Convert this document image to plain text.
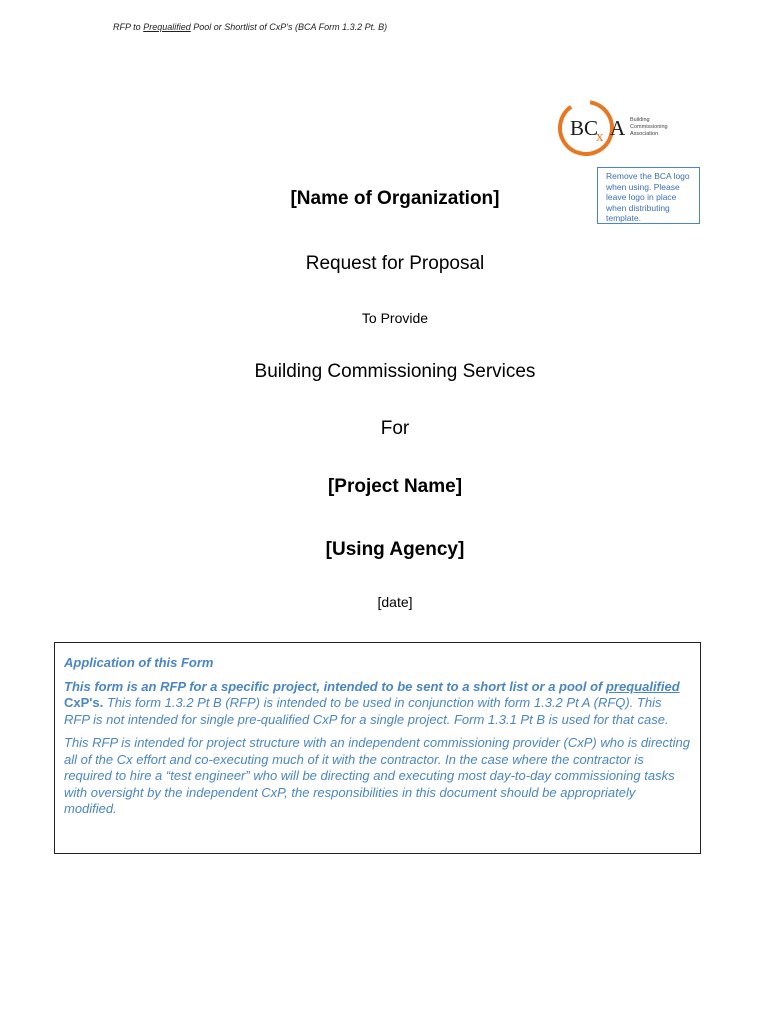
RFP to Prequalified Pool or Shortlist of CxP's (BCA Form 1.3.2 Pt. B)
BC
x A Building
Commissioning
Association
Remove the BCA logo when using. Please leave logo in place when distributing template.
[Name of Organization]
Request for Proposal
To Provide
Building Commissioning Services
For
[Project Name]
[Using Agency]
[date]

Application of this Form

This form is an RFP for a specific project, intended to be sent to a short list or a pool of prequalified CxP's. This form 1.3.2 Pt B (RFP) is intended to be used in conjunction with form 1.3.2 Pt A (RFQ). This RFP is not intended for single pre-qualified CxP for a single project. Form 1.3.1 Pt B is used for that case.

This RFP is intended for project structure with an independent commissioning provider (CxP) who is directing all of the Cx effort and co-executing much of it with the contractor. In the case where the contractor is required to hire a “test engineer” who will be directing and executing most day-to-day commissioning tasks with oversight by the independent CxP, the responsibilities in this document should be appropriately modified.
